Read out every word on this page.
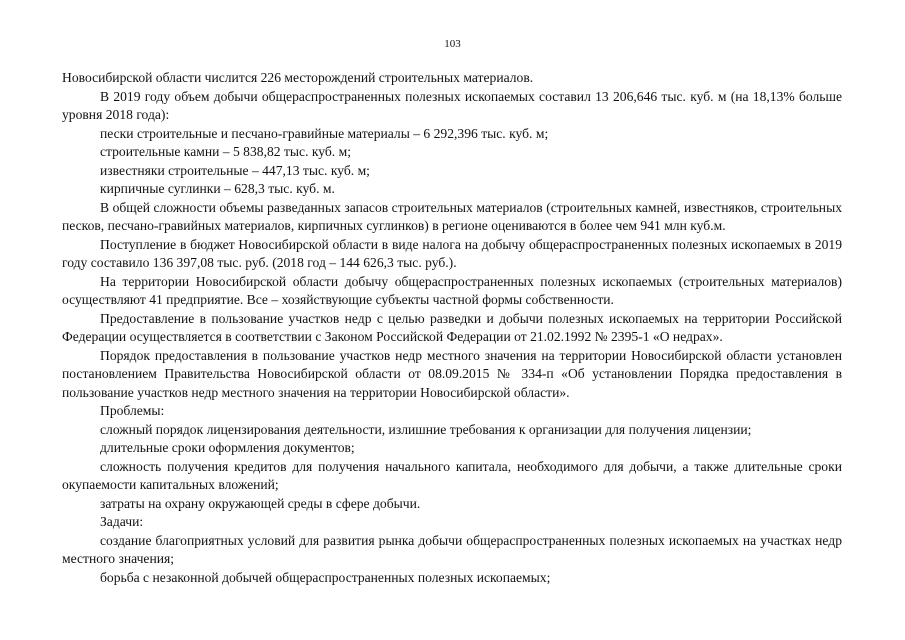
103

Новосибирской области числится 226 месторождений строительных материалов.

В 2019 году объем добычи общераспространенных полезных ископаемых составил 13 206,646 тыс. куб. м (на 18,13% больше уровня 2018 года):

пески строительные и песчано-гравийные материалы – 6 292,396 тыс. куб. м;

строительные камни – 5 838,82 тыс. куб. м;

известняки строительные – 447,13 тыс. куб. м;

кирпичные суглинки – 628,3 тыс. куб. м.

В общей сложности объемы разведанных запасов строительных материалов (строительных камней, известняков, строительных песков, песчано-гравийных материалов, кирпичных суглинков) в регионе оцениваются в более чем 941 млн куб.м.

Поступление в бюджет Новосибирской области в виде налога на добычу общераспространенных полезных ископаемых в 2019 году составило 136 397,08 тыс. руб. (2018 год – 144 626,3 тыс. руб.).

На территории Новосибирской области добычу общераспространенных полезных ископаемых (строительных материалов) осуществляют 41 предприятие. Все – хозяйствующие субъекты частной формы собственности.

Предоставление в пользование участков недр с целью разведки и добычи полезных ископаемых на территории Российской Федерации осуществляется в соответствии с Законом Российской Федерации от 21.02.1992 № 2395-1 «О недрах».

Порядок предоставления в пользование участков недр местного значения на территории Новосибирской области установлен постановлением Правительства Новосибирской области от 08.09.2015 № 334-п «Об установлении Порядка предоставления в пользование участков недр местного значения на территории Новосибирской области».

Проблемы:

сложный порядок лицензирования деятельности, излишние требования к организации для получения лицензии;

длительные сроки оформления документов;

сложность получения кредитов для получения начального капитала, необходимого для добычи, а также длительные сроки окупаемости капитальных вложений;

затраты на охрану окружающей среды в сфере добычи.

Задачи:

создание благоприятных условий для развития рынка добычи общераспространенных полезных ископаемых на участках недр местного значения;

борьба с незаконной добычей общераспространенных полезных ископаемых;
